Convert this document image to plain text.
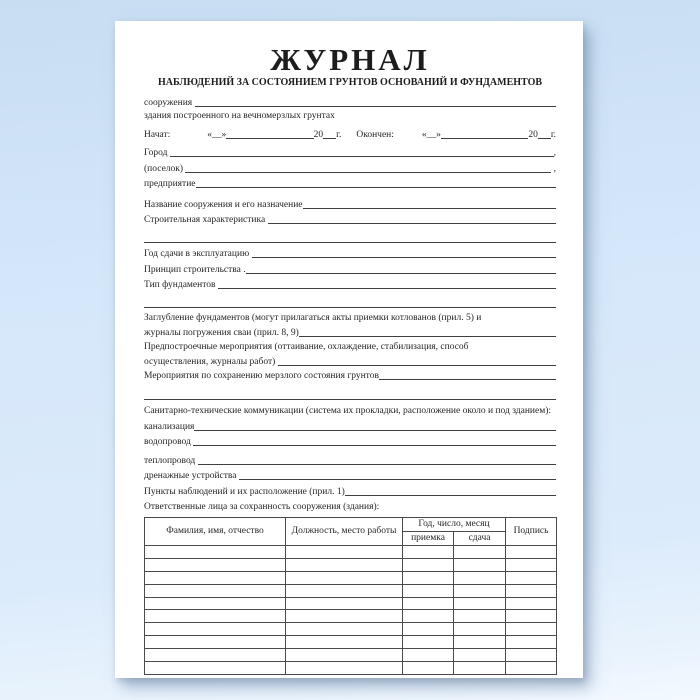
ЖУРНАЛ
НАБЛЮДЕНИЙ ЗА СОСТОЯНИЕМ ГРУНТОВ ОСНОВАНИЙ И ФУНДАМЕНТОВ
сооружения
здания построенного на вечномерзлых грунтах
Начат:	«__»	20 г. Окончен:	«__»	20 г.
Город	,
(поселок)	,
предприятие
Название сооружения и его назначение
Строительная характеристика
Год сдачи в эксплуатацию
Принцип строительства .
Тип фундаментов
Заглубление фундаментов (могут прилагаться акты приемки котлованов (прил. 5) и
журналы погружения сваи (прил. 8, 9)
Предпостроечные мероприятия (оттаивание, охлаждение, стабилизация, способ
осуществления, журналы работ)
Мероприятия по сохранению мерзлого состояния грунтов
Санитарно-технические коммуникации (система их прокладки, расположение около и под зданием):
канализация
водопровод
теплопровод
дренажные устройства
Пункты наблюдений и их расположение (прил. 1)
Ответственные лица за сохранность сооружения (здания):
Фамилия, имя, отчество	Должность, место работы	Год, число, месяц		Подпись
		приемка	сдача	
